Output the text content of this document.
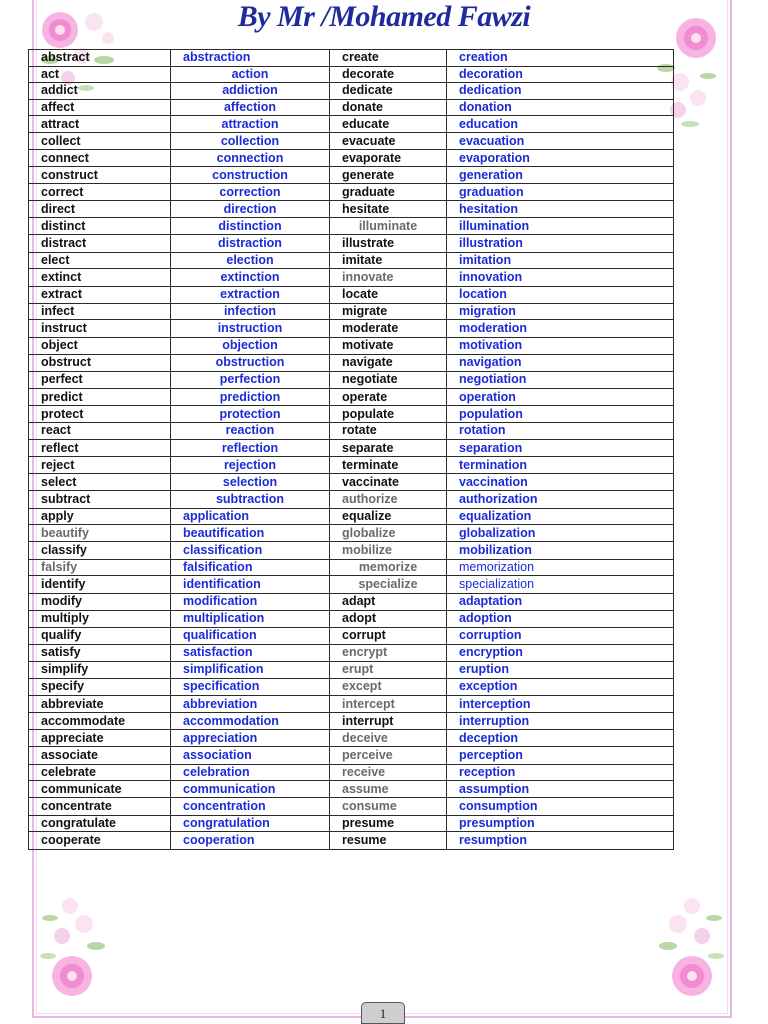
By Mr /Mohamed Fawzi
abstract	abstraction	create	creation
act	action	decorate	decoration
addict	addiction	dedicate	dedication
affect	affection	donate	donation
attract	attraction	educate	education
collect	collection	evacuate	evacuation
connect	connection	evaporate	evaporation
construct	construction	generate	generation
correct	correction	graduate	graduation
direct	direction	hesitate	hesitation
distinct	distinction	illuminate	illumination
distract	distraction	illustrate	illustration
elect	election	imitate	imitation
extinct	extinction	innovate	innovation
extract	extraction	locate	location
infect	infection	migrate	migration
instruct	instruction	moderate	moderation
object	objection	motivate	motivation
obstruct	obstruction	navigate	navigation
perfect	perfection	negotiate	negotiation
predict	prediction	operate	operation
protect	protection	populate	population
react	reaction	rotate	rotation
reflect	reflection	separate	separation
reject	rejection	terminate	termination
select	selection	vaccinate	vaccination
subtract	subtraction	authorize	authorization
apply	application	equalize	equalization
beautify	beautification	globalize	globalization
classify	classification	mobilize	mobilization
falsify	falsification	memorize	memorization
identify	identification	specialize	specialization
modify	modification	adapt	adaptation
multiply	multiplication	adopt	adoption
qualify	qualification	corrupt	corruption
satisfy	satisfaction	encrypt	encryption
simplify	simplification	erupt	eruption
specify	specification	except	exception
abbreviate	abbreviation	intercept	interception
accommodate	accommodation	interrupt	interruption
appreciate	appreciation	deceive	deception
associate	association	perceive	perception
celebrate	celebration	receive	reception
communicate	communication	assume	assumption
concentrate	concentration	consume	consumption
congratulate	congratulation	presume	presumption
cooperate	cooperation	resume	resumption
1
